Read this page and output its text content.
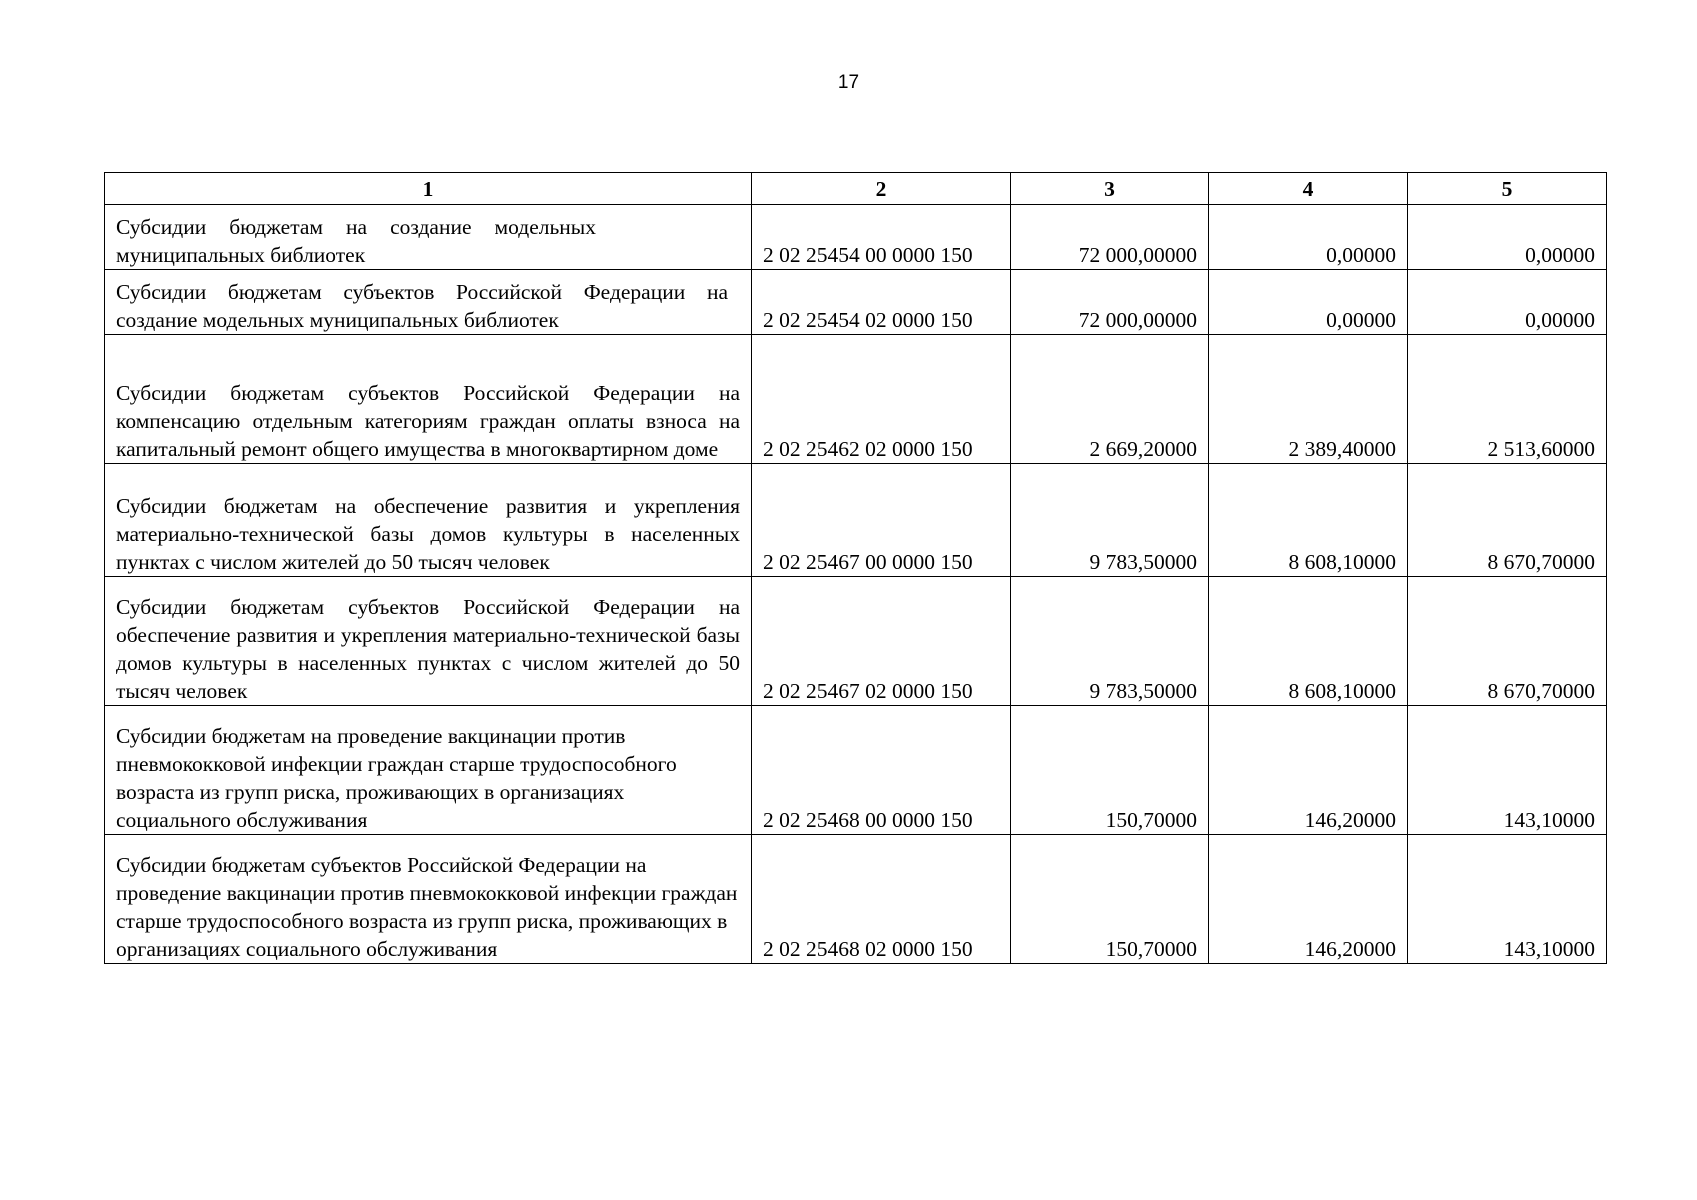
17
1	2	3	4	5

Субсидии бюджетам на создание модельных муниципальных библиотек	2 02 25454 00 0000 150	72 000,00000	0,00000	0,00000

Субсидии бюджетам субъектов Российской Федерации на создание модельных муниципальных библиотек	2 02 25454 02 0000 150	72 000,00000	0,00000	0,00000

Субсидии бюджетам субъектов Российской Федерации на компенсацию отдельным категориям граждан оплаты взноса на капитальный ремонт общего имущества в многоквартирном доме	2 02 25462 02 0000 150	2 669,20000	2 389,40000	2 513,60000

Субсидии бюджетам на обеспечение развития и укрепления материально-технической базы домов культуры в населенных пунктах с числом жителей до 50 тысяч человек	2 02 25467 00 0000 150	9 783,50000	8 608,10000	8 670,70000

Субсидии бюджетам субъектов Российской Федерации на обеспечение развития и укрепления материально-технической базы домов культуры в населенных пунктах с числом жителей до 50 тысяч человек	2 02 25467 02 0000 150	9 783,50000	8 608,10000	8 670,70000

Субсидии бюджетам на проведение вакцинации против пневмококковой инфекции граждан старше трудоспособного возраста из групп риска, проживающих в организациях социального обслуживания	2 02 25468 00 0000 150	150,70000	146,20000	143,10000

Субсидии бюджетам субъектов Российской Федерации на проведение вакцинации против пневмококковой инфекции граждан старше трудоспособного возраста из групп риска, проживающих в организациях социального обслуживания	2 02 25468 02 0000 150	150,70000	146,20000	143,10000
